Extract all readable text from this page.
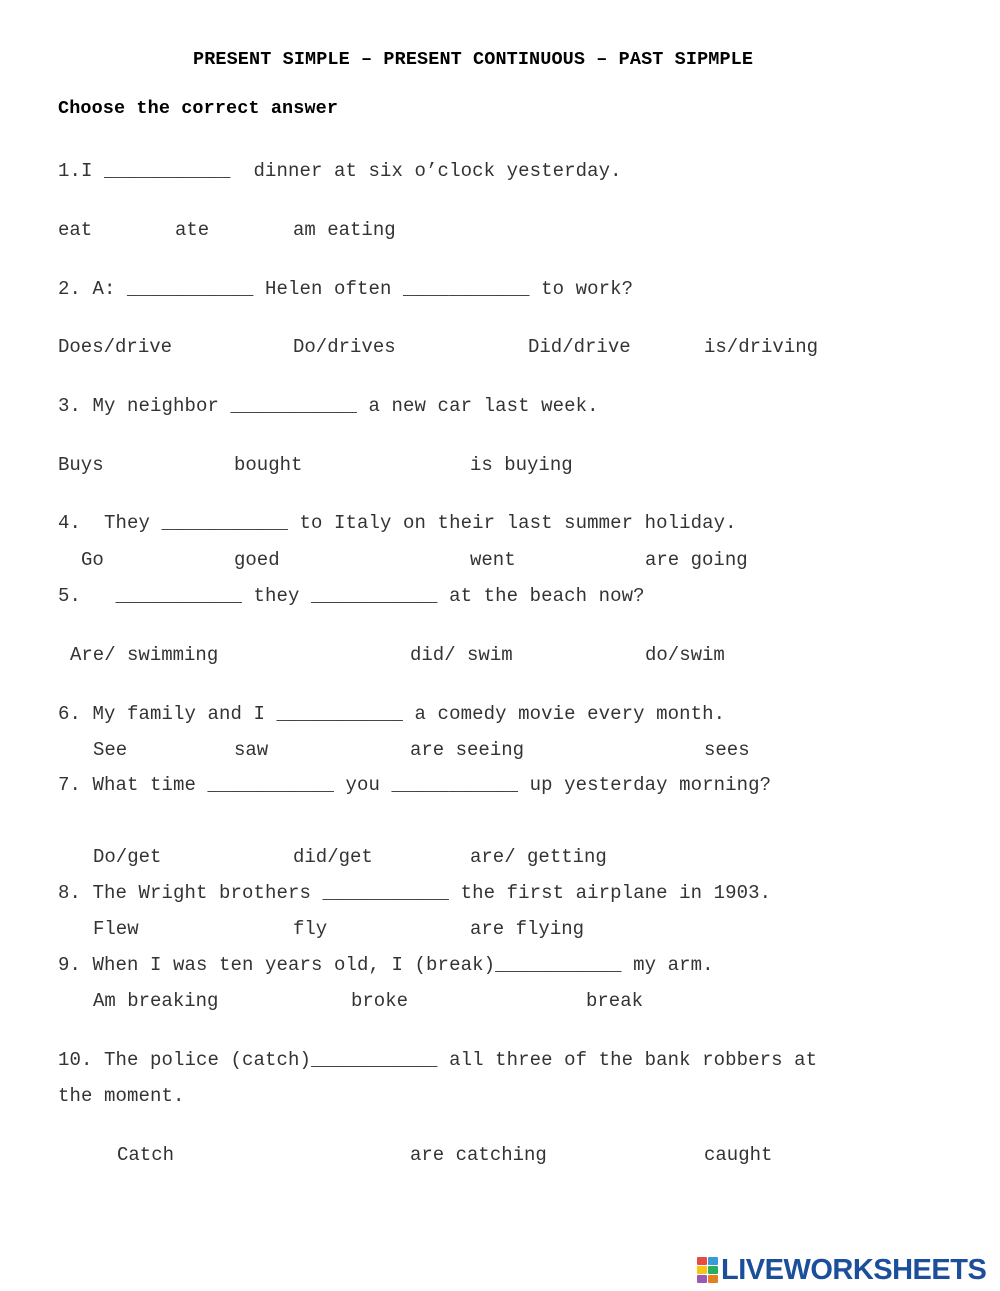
PRESENT SIMPLE – PRESENT CONTINUOUS – PAST SIPMPLE
Choose the correct answer
1.I ___________  dinner at six o’clock yesterday.
eat	ate	am eating
2. A: ___________ Helen often ___________ to work?
Does/drive	Do/drives	Did/drive	is/driving
3. My neighbor ___________ a new car last week.
Buys	bought	is buying
4.  They ___________ to Italy on their last summer holiday.
Go	goed	went	are going
5.   ___________ they ___________ at the beach now?
Are/ swimming	did/ swim	do/swim
6. My family and I ___________ a comedy movie every month.
See	saw	are seeing	sees
7. What time ___________ you ___________ up yesterday morning?
Do/get	did/get	are/ getting
8. The Wright brothers ___________ the first airplane in 1903.
Flew	fly	are flying
9. When I was ten years old, I (break)___________ my arm.
Am breaking	broke	break
10. The police (catch)___________ all three of the bank robbers at
the moment.
Catch	are catching	caught
LIVEWORKSHEETS
